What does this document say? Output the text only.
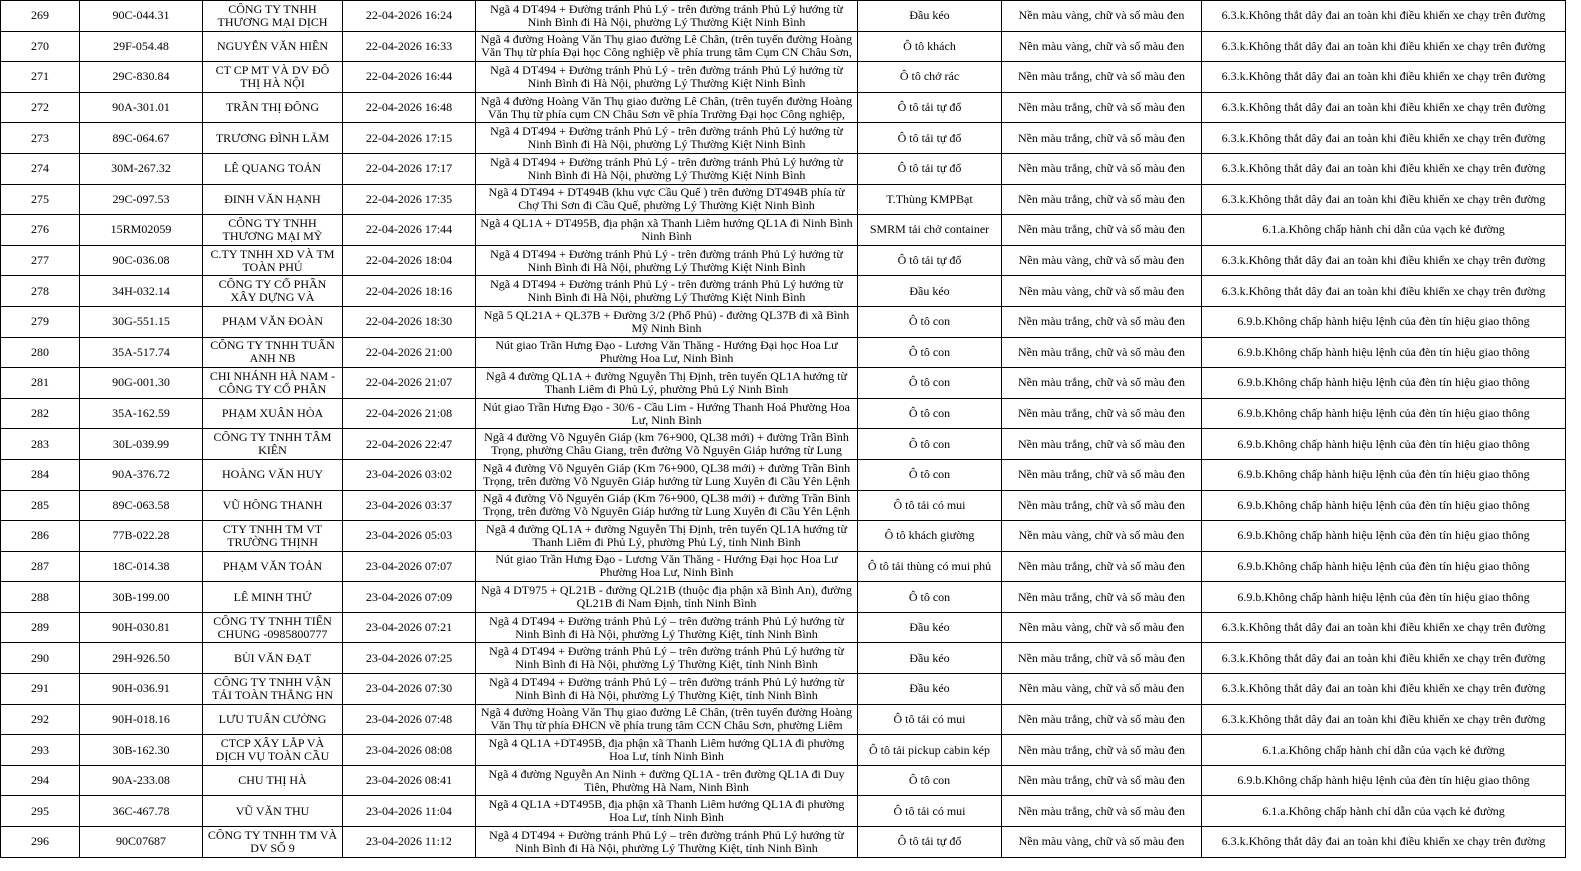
269	90C-044.31	CÔNG TY TNHH THƯƠNG MẠI DỊCH	22-04-2026 16:24	Ngã 4 DT494 + Đường tránh Phủ Lý - trên đường tránh Phủ Lý hướng từ Ninh Bình đi Hà Nội, phường Lý Thường Kiệt Ninh Bình	Đầu kéo	Nền màu vàng, chữ và số màu đen	6.3.k.Không thắt dây đai an toàn khi điều khiển xe chạy trên đường
270	29F-054.48	NGUYỄN VĂN HIỀN	22-04-2026 16:33	Ngã 4 đường Hoàng Văn Thụ giao đường Lê Chân, (trên tuyến đường Hoàng Văn Thụ từ phía Đại học Công nghiệp về phía trung tâm Cụm CN Châu Sơn,	Ô tô khách	Nền màu vàng, chữ và số màu đen	6.3.k.Không thắt dây đai an toàn khi điều khiển xe chạy trên đường
271	29C-830.84	CT CP MT VÀ DV ĐÔ THỊ HÀ NỘI	22-04-2026 16:44	Ngã 4 DT494 + Đường tránh Phủ Lý - trên đường tránh Phủ Lý hướng từ Ninh Bình đi Hà Nội, phường Lý Thường Kiệt Ninh Bình	Ô tô chở rác	Nền màu trắng, chữ và số màu đen	6.3.k.Không thắt dây đai an toàn khi điều khiển xe chạy trên đường
272	90A-301.01	TRẦN THỊ ĐÔNG	22-04-2026 16:48	Ngã 4 đường Hoàng Văn Thụ giao đường Lê Chân, (trên tuyến đường Hoàng Văn Thụ từ phía cụm CN Châu Sơn về phía Trường Đại học Công nghiệp,	Ô tô tải tự đổ	Nền màu trắng, chữ và số màu đen	6.3.k.Không thắt dây đai an toàn khi điều khiển xe chạy trên đường
273	89C-064.67	TRƯƠNG ĐÌNH LÃM	22-04-2026 17:15	Ngã 4 DT494 + Đường tránh Phủ Lý - trên đường tránh Phủ Lý hướng từ Ninh Bình đi Hà Nội, phường Lý Thường Kiệt Ninh Bình	Ô tô tải tự đổ	Nền màu trắng, chữ và số màu đen	6.3.k.Không thắt dây đai an toàn khi điều khiển xe chạy trên đường
274	30M-267.32	LÊ QUANG TOẢN	22-04-2026 17:17	Ngã 4 DT494 + Đường tránh Phủ Lý - trên đường tránh Phủ Lý hướng từ Ninh Bình đi Hà Nội, phường Lý Thường Kiệt Ninh Bình	Ô tô tải tự đổ	Nền màu trắng, chữ và số màu đen	6.3.k.Không thắt dây đai an toàn khi điều khiển xe chạy trên đường
275	29C-097.53	ĐINH VĂN HẠNH	22-04-2026 17:35	Ngã 4 DT494 + DT494B (khu vực Cầu Quế ) trên đường DT494B phía từ Chợ Thi Sơn đi Cầu Quế, phường Lý Thường Kiệt Ninh Bình	T.Thùng KMPBạt	Nền màu trắng, chữ và số màu đen	6.3.k.Không thắt dây đai an toàn khi điều khiển xe chạy trên đường
276	15RM02059	CÔNG TY TNHH THƯƠNG MẠI MỸ	22-04-2026 17:44	Ngã 4 QL1A + DT495B, địa phận xã Thanh Liêm hướng QL1A đi Ninh Bình Ninh Bình	SMRM tải chở container	Nền màu trắng, chữ và số màu đen	6.1.a.Không chấp hành chỉ dẫn của vạch kẻ đường
277	90C-036.08	C.TY TNHH XD VÀ TM TOÀN PHÚ	22-04-2026 18:04	Ngã 4 DT494 + Đường tránh Phủ Lý - trên đường tránh Phủ Lý hướng từ Ninh Bình đi Hà Nội, phường Lý Thường Kiệt Ninh Bình	Ô tô tải tự đổ	Nền màu vàng, chữ và số màu đen	6.3.k.Không thắt dây đai an toàn khi điều khiển xe chạy trên đường
278	34H-032.14	CÔNG TY CỔ PHẦN XÂY DỰNG VÀ	22-04-2026 18:16	Ngã 4 DT494 + Đường tránh Phủ Lý - trên đường tránh Phủ Lý hướng từ Ninh Bình đi Hà Nội, phường Lý Thường Kiệt Ninh Bình	Đầu kéo	Nền màu vàng, chữ và số màu đen	6.3.k.Không thắt dây đai an toàn khi điều khiển xe chạy trên đường
279	30G-551.15	PHẠM VĂN ĐOÀN	22-04-2026 18:30	Ngã 5 QL21A + QL37B + Đường 3/2 (Phố Phủ) - đường QL37B đi xã Bình Mỹ Ninh Bình	Ô tô con	Nền màu trắng, chữ và số màu đen	6.9.b.Không chấp hành hiệu lệnh của đèn tín hiệu giao thông
280	35A-517.74	CÔNG TY TNHH TUẤN ANH NB	22-04-2026 21:00	Nút giao Trần Hưng Đạo - Lương Văn Thăng - Hướng Đại học Hoa Lư Phường Hoa Lư, Ninh Bình	Ô tô con	Nền màu trắng, chữ và số màu đen	6.9.b.Không chấp hành hiệu lệnh của đèn tín hiệu giao thông
281	90G-001.30	CHI NHÁNH HÀ NAM - CÔNG TY CỔ PHẦN	22-04-2026 21:07	Ngã 4 đường QL1A + đường Nguyễn Thị Định, trên tuyến QL1A hướng từ Thanh Liêm đi Phủ Lý, phường Phủ Lý Ninh Bình	Ô tô con	Nền màu trắng, chữ và số màu đen	6.9.b.Không chấp hành hiệu lệnh của đèn tín hiệu giao thông
282	35A-162.59	PHẠM XUÂN HÒA	22-04-2026 21:08	Nút giao Trần Hưng Đạo - 30/6 - Cầu Lim - Hướng Thanh Hoá Phường Hoa Lư, Ninh Bình	Ô tô con	Nền màu trắng, chữ và số màu đen	6.9.b.Không chấp hành hiệu lệnh của đèn tín hiệu giao thông
283	30L-039.99	CÔNG TY TNHH TÂM KIÊN	22-04-2026 22:47	Ngã 4 đường Võ Nguyên Giáp (km 76+900, QL38 mới) + đường Trần Bình Trọng, phường Châu Giang, trên đường Võ Nguyên Giáp hướng từ Lung	Ô tô con	Nền màu trắng, chữ và số màu đen	6.9.b.Không chấp hành hiệu lệnh của đèn tín hiệu giao thông
284	90A-376.72	HOÀNG VĂN HUY	23-04-2026 03:02	Ngã 4 đường Võ Nguyên Giáp (Km 76+900, QL38 mới) + đường Trần Bình Trọng, trên đường Võ Nguyên Giáp hướng từ Lung Xuyên đi Cầu Yên Lệnh	Ô tô con	Nền màu trắng, chữ và số màu đen	6.9.b.Không chấp hành hiệu lệnh của đèn tín hiệu giao thông
285	89C-063.58	VŨ HỒNG THANH	23-04-2026 03:37	Ngã 4 đường Võ Nguyên Giáp (Km 76+900, QL38 mới) + đường Trần Bình Trọng, trên đường Võ Nguyên Giáp hướng từ Lung Xuyên đi Cầu Yên Lệnh	Ô tô tải có mui	Nền màu trắng, chữ và số màu đen	6.9.b.Không chấp hành hiệu lệnh của đèn tín hiệu giao thông
286	77B-022.28	CTY TNHH TM VT TRƯỜNG THỊNH	23-04-2026 05:03	Ngã 4 đường QL1A + đường Nguyễn Thị Định, trên tuyến QL1A hướng từ Thanh Liêm đi Phủ Lý, phường Phủ Lý, tỉnh Ninh Bình	Ô tô khách giường	Nền màu vàng, chữ và số màu đen	6.9.b.Không chấp hành hiệu lệnh của đèn tín hiệu giao thông
287	18C-014.38	PHẠM VĂN TOẢN	23-04-2026 07:07	Nút giao Trần Hưng Đạo - Lương Văn Thăng - Hướng Đại học Hoa Lư Phường Hoa Lư, Ninh Bình	Ô tô tải thùng có mui phủ	Nền màu trắng, chữ và số màu đen	6.9.b.Không chấp hành hiệu lệnh của đèn tín hiệu giao thông
288	30B-199.00	LÊ MINH THỨ	23-04-2026 07:09	Ngã 4 DT975 + QL21B - đường QL21B (thuộc địa phận xã Bình An), đường QL21B đi Nam Định, tỉnh Ninh Bình	Ô tô con	Nền màu trắng, chữ và số màu đen	6.9.b.Không chấp hành hiệu lệnh của đèn tín hiệu giao thông
289	90H-030.81	CÔNG TY TNHH TIẾN CHUNG -0985800777	23-04-2026 07:21	Ngã 4 DT494 + Đường tránh Phủ Lý – trên đường tránh Phủ Lý hướng từ Ninh Bình đi Hà Nội, phường Lý Thường Kiệt, tỉnh Ninh Bình	Đầu kéo	Nền màu vàng, chữ và số màu đen	6.3.k.Không thắt dây đai an toàn khi điều khiển xe chạy trên đường
290	29H-926.50	BÙI VĂN ĐẠT	23-04-2026 07:25	Ngã 4 DT494 + Đường tránh Phủ Lý – trên đường tránh Phủ Lý hướng từ Ninh Bình đi Hà Nội, phường Lý Thường Kiệt, tỉnh Ninh Bình	Đầu kéo	Nền màu trắng, chữ và số màu đen	6.3.k.Không thắt dây đai an toàn khi điều khiển xe chạy trên đường
291	90H-036.91	CÔNG TY TNHH VẬN TẢI TOÀN THẮNG HN	23-04-2026 07:30	Ngã 4 DT494 + Đường tránh Phủ Lý – trên đường tránh Phủ Lý hướng từ Ninh Bình đi Hà Nội, phường Lý Thường Kiệt, tỉnh Ninh Bình	Đầu kéo	Nền màu vàng, chữ và số màu đen	6.3.k.Không thắt dây đai an toàn khi điều khiển xe chạy trên đường
292	90H-018.16	LƯU TUẤN CƯỜNG	23-04-2026 07:48	Ngã 4 đường Hoàng Văn Thụ giao đường Lê Chân, (trên tuyến đường Hoàng Văn Thụ từ phía ĐHCN về phía trung tâm CCN Châu Sơn, phường Liêm	Ô tô tải có mui	Nền màu trắng, chữ và số màu đen	6.3.k.Không thắt dây đai an toàn khi điều khiển xe chạy trên đường
293	30B-162.30	CTCP XÂY LẮP VÀ DỊCH VỤ TOÀN CẦU	23-04-2026 08:08	Ngã 4 QL1A +DT495B, địa phận xã Thanh Liêm hướng QL1A đi phường Hoa Lư, tỉnh Ninh Bình	Ô tô tải pickup cabin kép	Nền màu trắng, chữ và số màu đen	6.1.a.Không chấp hành chỉ dẫn của vạch kẻ đường
294	90A-233.08	CHU THỊ HÀ	23-04-2026 08:41	Ngã 4 đường Nguyễn An Ninh + đường QL1A - trên đường QL1A đi Duy Tiên, Phường Hà Nam, Ninh Bình	Ô tô con	Nền màu trắng, chữ và số màu đen	6.9.b.Không chấp hành hiệu lệnh của đèn tín hiệu giao thông
295	36C-467.78	VŨ VĂN THU	23-04-2026 11:04	Ngã 4 QL1A +DT495B, địa phận xã Thanh Liêm hướng QL1A đi phường Hoa Lư, tỉnh Ninh Bình	Ô tô tải có mui	Nền màu trắng, chữ và số màu đen	6.1.a.Không chấp hành chỉ dẫn của vạch kẻ đường
296	90C07687	CÔNG TY TNHH TM VÀ DV SỐ 9	23-04-2026 11:12	Ngã 4 DT494 + Đường tránh Phủ Lý – trên đường tránh Phủ Lý hướng từ Ninh Bình đi Hà Nội, phường Lý Thường Kiệt, tỉnh Ninh Bình	Ô tô tải tự đổ	Nền màu vàng, chữ và số màu đen	6.3.k.Không thắt dây đai an toàn khi điều khiển xe chạy trên đường
